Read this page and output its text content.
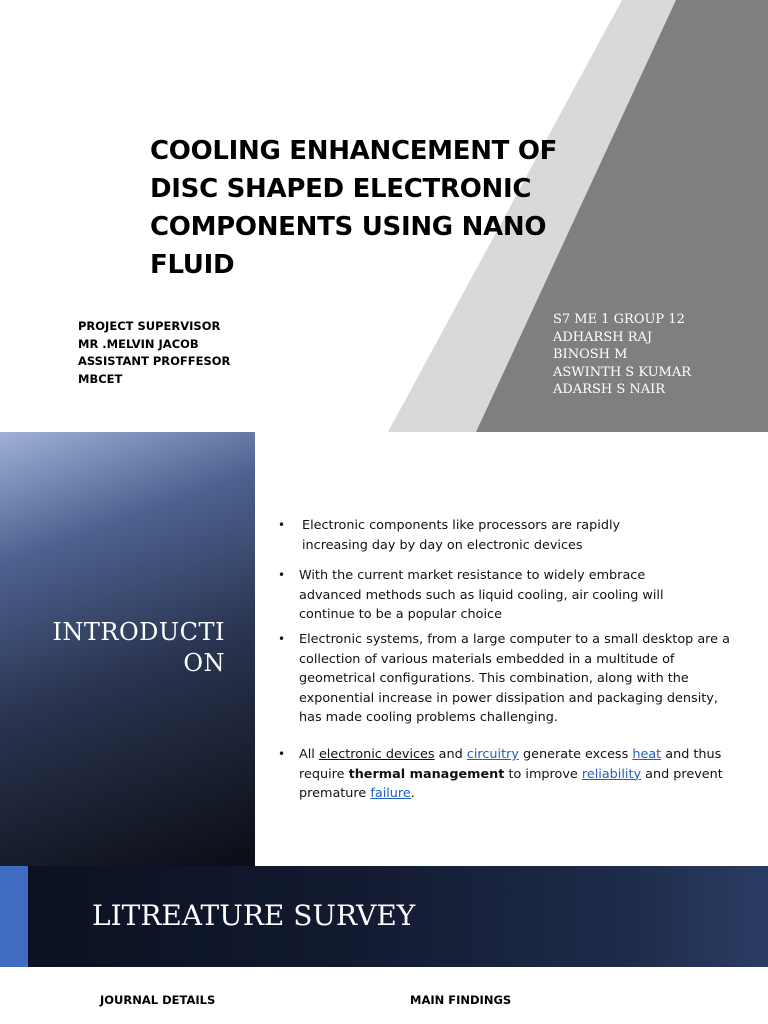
COOLING ENHANCEMENT OF
DISC SHAPED ELECTRONIC
COMPONENTS USING NANO
FLUID
PROJECT SUPERVISOR
MR .MELVIN JACOB
ASSISTANT PROFFESOR
MBCET
S7 ME 1 GROUP 12
ADHARSH RAJ
BINOSH M
ASWINTH S KUMAR
ADARSH S NAIR
INTRODUCTI
ON
• Electronic components like processors are rapidly increasing day by day on electronic devices
• With the current market resistance to widely embrace advanced methods such as liquid cooling, air cooling will continue to be a popular choice
• Electronic systems, from a large computer to a small desktop are a collection of various materials embedded in a multitude of geometrical configurations. This combination, along with the exponential increase in power dissipation and packaging density, has made cooling problems challenging.
• All electronic devices and circuitry generate excess heat and thus require thermal management to improve reliability and prevent premature failure.
LITREATURE SURVEY
JOURNAL DETAILS	MAIN FINDINGS
